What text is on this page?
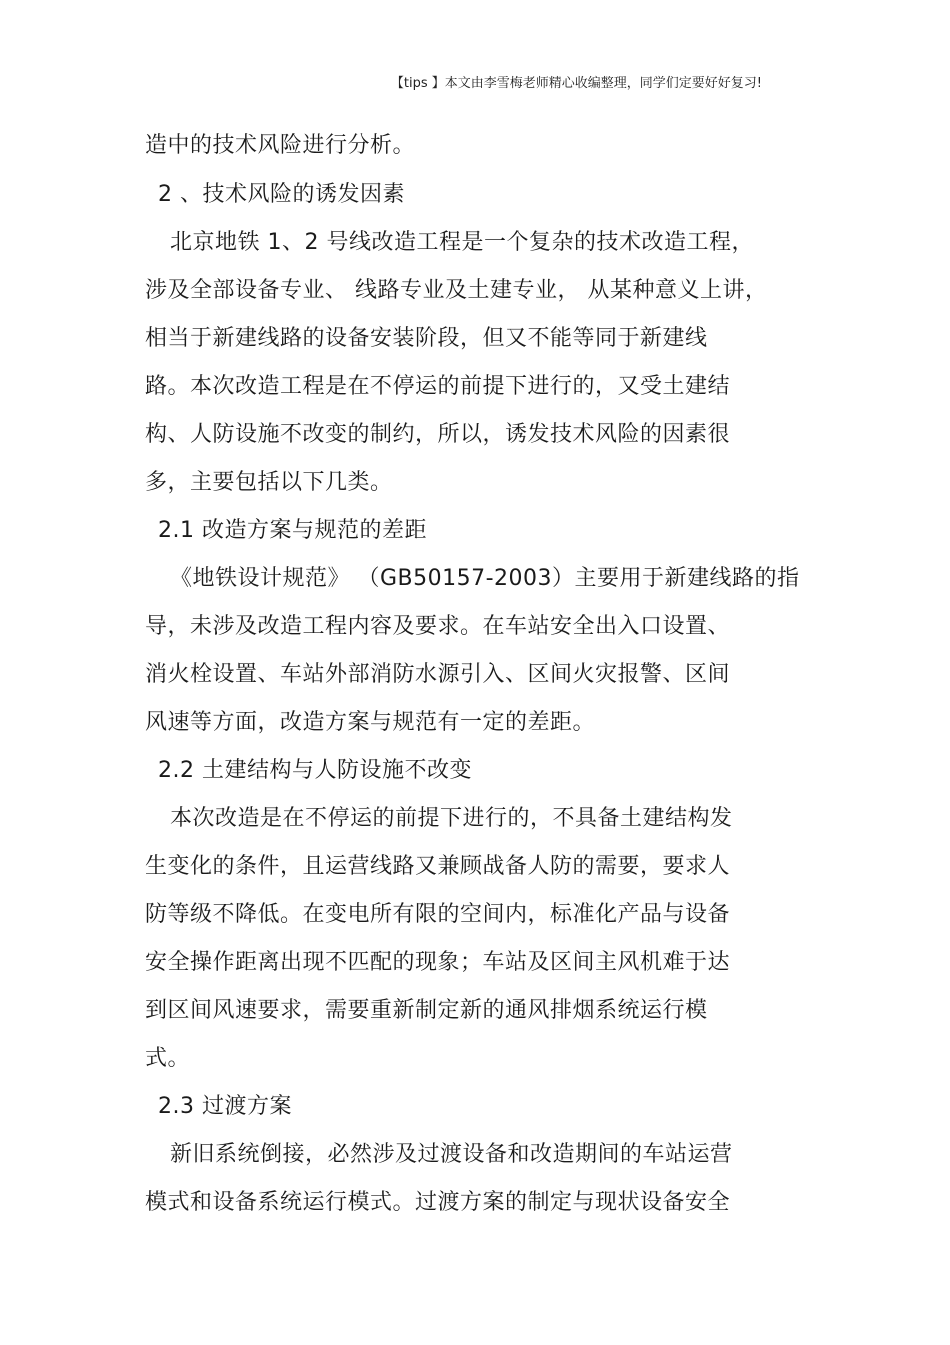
【tips 】本文由李雪梅老师精心收编整理，同学们定要好好复习!
造中的技术风险进行分析。
2 、技术风险的诱发因素
北京地铁 1、2 号线改造工程是一个复杂的技术改造工程，
涉及全部设备专业、 线路专业及土建专业， 从某种意义上讲，
相当于新建线路的设备安装阶段，但又不能等同于新建线
路。本次改造工程是在不停运的前提下进行的，又受土建结
构、人防设施不改变的制约，所以，诱发技术风险的因素很
多，主要包括以下几类。
2.1 改造方案与规范的差距
《地铁设计规范》 （GB50157-2003）主要用于新建线路的指
导，未涉及改造工程内容及要求。在车站安全出入口设置、
消火栓设置、车站外部消防水源引入、区间火灾报警、区间
风速等方面，改造方案与规范有一定的差距。
2.2 土建结构与人防设施不改变
本次改造是在不停运的前提下进行的，不具备土建结构发
生变化的条件，且运营线路又兼顾战备人防的需要，要求人
防等级不降低。在变电所有限的空间内，标准化产品与设备
安全操作距离出现不匹配的现象；车站及区间主风机难于达
到区间风速要求，需要重新制定新的通风排烟系统运行模
式。
2.3 过渡方案
新旧系统倒接，必然涉及过渡设备和改造期间的车站运营
模式和设备系统运行模式。过渡方案的制定与现状设备安全
